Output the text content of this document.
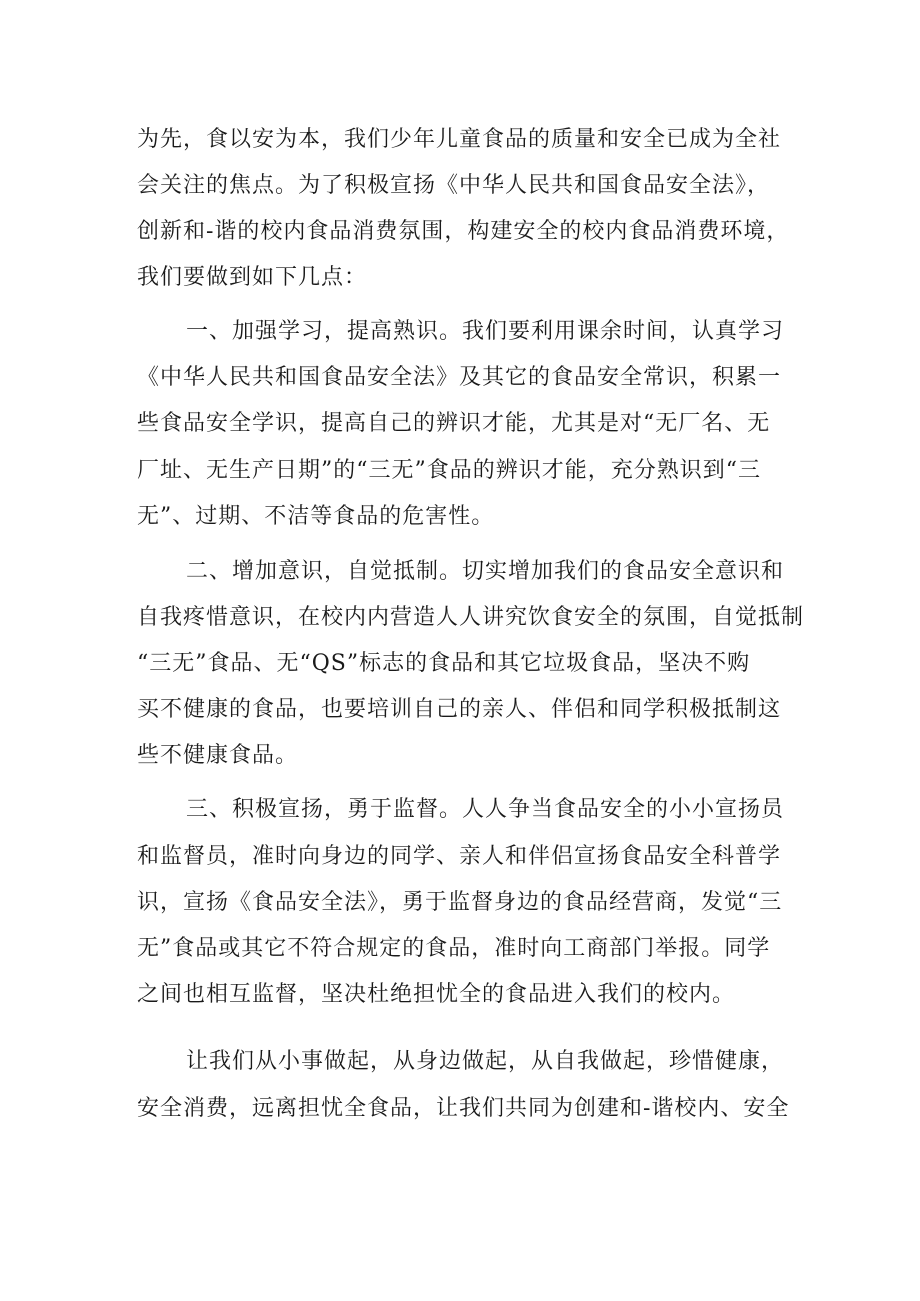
为先，食以安为本，我们少年儿童食品的质量和安全已成为全社

会关注的焦点。为了积极宣扬《中华人民共和国食品安全法》，

创新和-谐的校内食品消费氛围，构建安全的校内食品消费环境，

我们要做到如下几点：

一、加强学习，提高熟识。我们要利用课余时间，认真学习

《中华人民共和国食品安全法》及其它的食品安全常识，积累一

些食品安全学识，提高自己的辨识才能，尤其是对“无厂名、无

厂址、无生产日期”的“三无”食品的辨识才能，充分熟识到“三

无”、过期、不洁等食品的危害性。

二、增加意识，自觉抵制。切实增加我们的食品安全意识和

自我疼惜意识，在校内内营造人人讲究饮食安全的氛围，自觉抵制

“三无”食品、无“QS”标志的食品和其它垃圾食品，坚决不购

买不健康的食品，也要培训自己的亲人、伴侣和同学积极抵制这

些不健康食品。

三、积极宣扬，勇于监督。人人争当食品安全的小小宣扬员

和监督员，准时向身边的同学、亲人和伴侣宣扬食品安全科普学

识，宣扬《食品安全法》，勇于监督身边的食品经营商，发觉“三

无”食品或其它不符合规定的食品，准时向工商部门举报。同学

之间也相互监督，坚决杜绝担忧全的食品进入我们的校内。

让我们从小事做起，从身边做起，从自我做起，珍惜健康，

安全消费，远离担忧全食品，让我们共同为创建和-谐校内、安全
